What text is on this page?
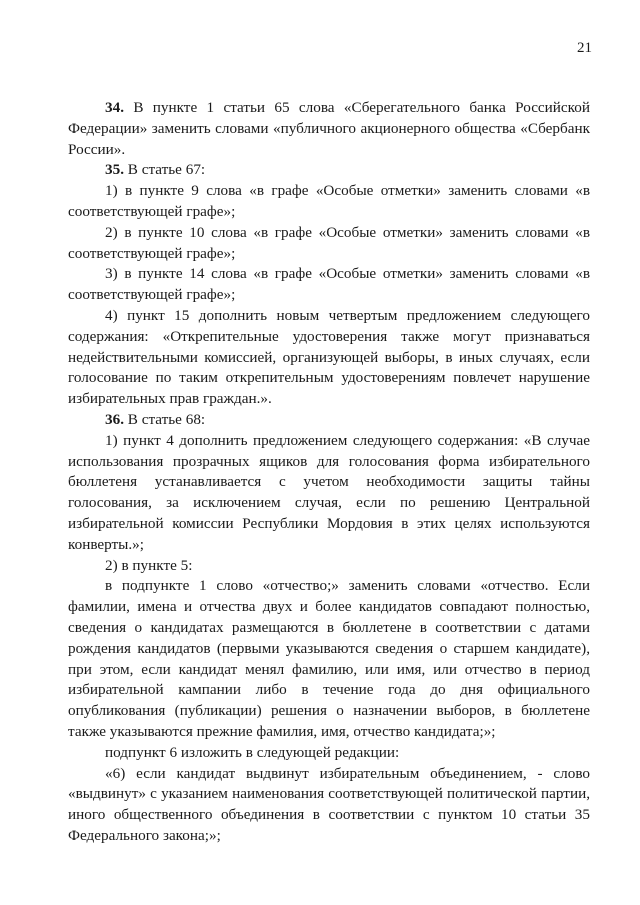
21

34. В пункте 1 статьи 65 слова «Сберегательного банка Российской Федерации» заменить словами «публичного акционерного общества «Сбербанк России».

35. В статье 67:

1) в пункте 9 слова «в графе «Особые отметки» заменить словами «в соответствующей графе»;

2) в пункте 10 слова «в графе «Особые отметки» заменить словами «в соответствующей графе»;

3) в пункте 14 слова «в графе «Особые отметки» заменить словами «в соответствующей графе»;

4) пункт 15 дополнить новым четвертым предложением следующего содержания: «Открепительные удостоверения также могут признаваться недействительными комиссией, организующей выборы, в иных случаях, если голосование по таким открепительным удостоверениям повлечет нарушение избирательных прав граждан.».

36. В статье 68:

1) пункт 4 дополнить предложением следующего содержания: «В случае использования прозрачных ящиков для голосования форма избирательного бюллетеня устанавливается с учетом необходимости защиты тайны голосования, за исключением случая, если по решению Центральной избирательной комиссии Республики Мордовия в этих целях используются конверты.»;

2) в пункте 5:

в подпункте 1 слово «отчество;» заменить словами «отчество. Если фамилии, имена и отчества двух и более кандидатов совпадают полностью, сведения о кандидатах размещаются в бюллетене в соответствии с датами рождения кандидатов (первыми указываются сведения о старшем кандидате), при этом, если кандидат менял фамилию, или имя, или отчество в период избирательной кампании либо в течение года до дня официального опубликования (публикации) решения о назначении выборов, в бюллетене также указываются прежние фамилия, имя, отчество кандидата;»;

подпункт 6 изложить в следующей редакции:

«6) если кандидат выдвинут избирательным объединением, - слово «выдвинут» с указанием наименования соответствующей политической партии, иного общественного объединения в соответствии с пунктом 10 статьи 35 Федерального закона;»;
